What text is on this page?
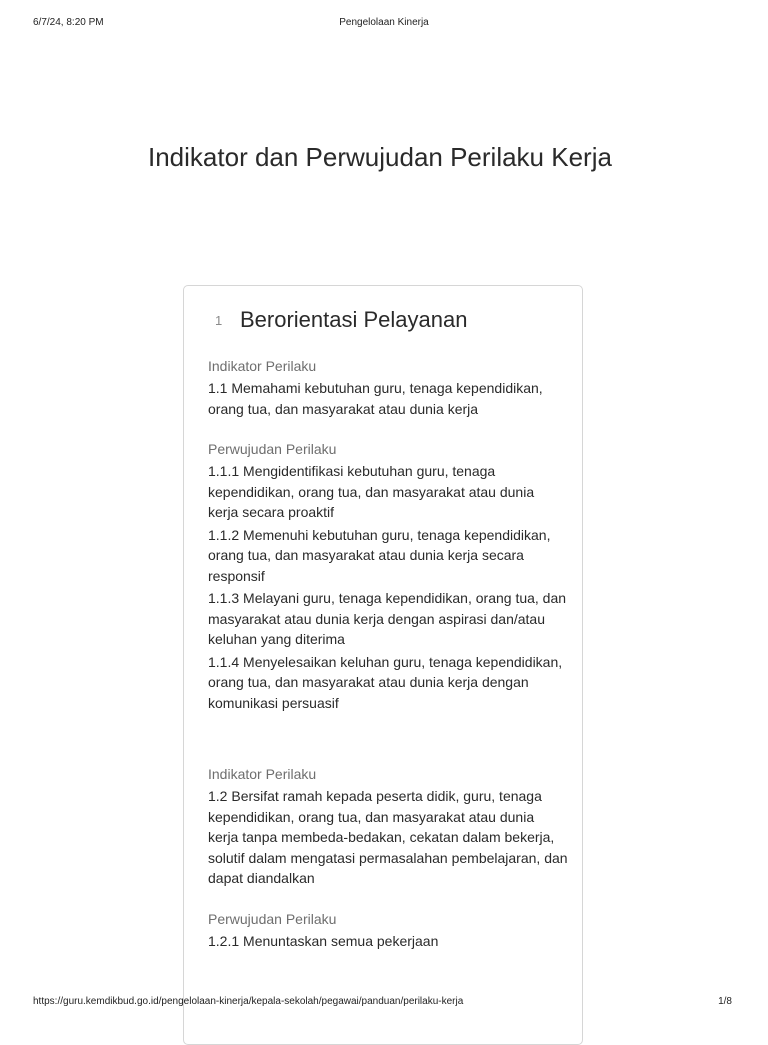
6/7/24, 8:20 PM	Pengelolaan Kinerja
Indikator dan Perwujudan Perilaku Kerja
1 Berorientasi Pelayanan
Indikator Perilaku
1.1 Memahami kebutuhan guru, tenaga kependidikan, orang tua, dan masyarakat atau dunia kerja
Perwujudan Perilaku
1.1.1 Mengidentifikasi kebutuhan guru, tenaga kependidikan, orang tua, dan masyarakat atau dunia kerja secara proaktif
1.1.2 Memenuhi kebutuhan guru, tenaga kependidikan, orang tua, dan masyarakat atau dunia kerja secara responsif
1.1.3 Melayani guru, tenaga kependidikan, orang tua, dan masyarakat atau dunia kerja dengan aspirasi dan/atau keluhan yang diterima
1.1.4 Menyelesaikan keluhan guru, tenaga kependidikan, orang tua, dan masyarakat atau dunia kerja dengan komunikasi persuasif
Indikator Perilaku
1.2 Bersifat ramah kepada peserta didik, guru, tenaga kependidikan, orang tua, dan masyarakat atau dunia kerja tanpa membeda-bedakan, cekatan dalam bekerja, solutif dalam mengatasi permasalahan pembelajaran, dan dapat diandalkan
Perwujudan Perilaku
1.2.1 Menuntaskan semua pekerjaan
https://guru.kemdikbud.go.id/pengelolaan-kinerja/kepala-sekolah/pegawai/panduan/perilaku-kerja	1/8
